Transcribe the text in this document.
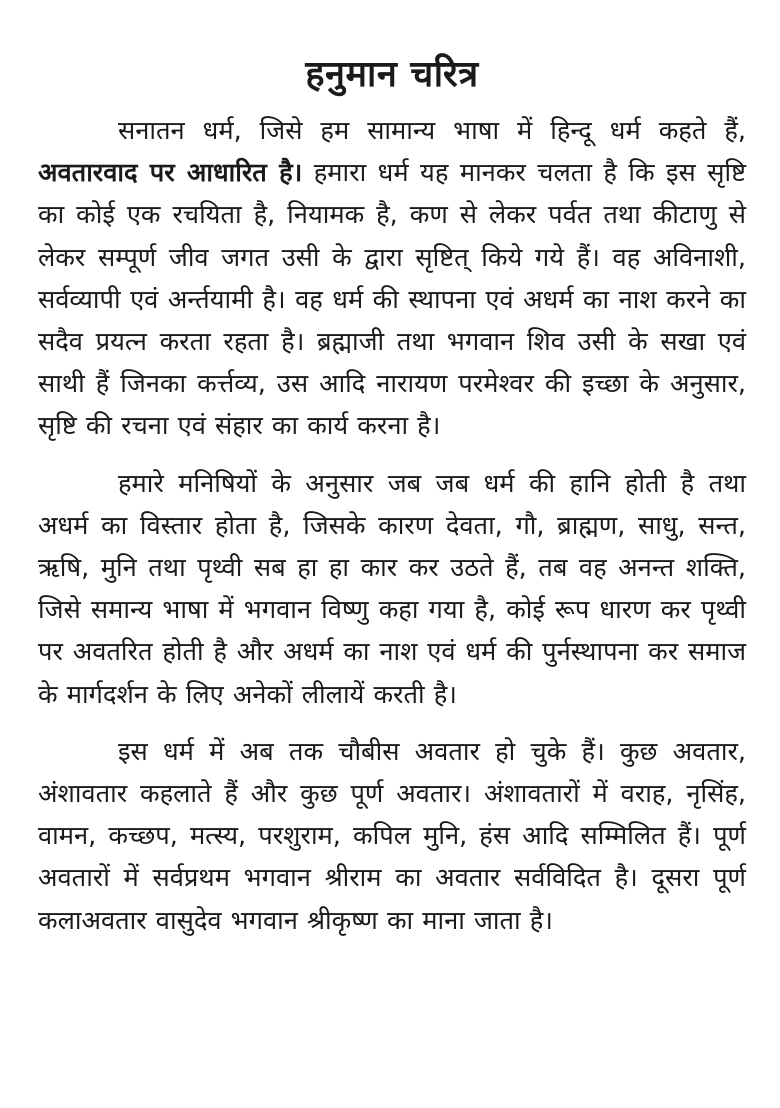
हनुमान चरित्र

सनातन धर्म, जिसे हम सामान्य भाषा में हिन्दू धर्म कहते हैं, अवतारवाद पर आधारित है। हमारा धर्म यह मानकर चलता है कि इस सृष्टि का कोई एक रचयिता है, नियामक है, कण से लेकर पर्वत तथा कीटाणु से लेकर सम्पूर्ण जीव जगत उसी के द्वारा सृष्टित् किये गये हैं। वह अविनाशी, सर्वव्यापी एवं अर्न्तयामी है। वह धर्म की स्थापना एवं अधर्म का नाश करने का सदैव प्रयत्न करता रहता है। ब्रह्माजी तथा भगवान शिव उसी के सखा एवं साथी हैं जिनका कर्त्तव्य, उस आदि नारायण परमेश्वर की इच्छा के अनुसार, सृष्टि की रचना एवं संहार का कार्य करना है।

हमारे मनिषियों के अनुसार जब जब धर्म की हानि होती है तथा अधर्म का विस्तार होता है, जिसके कारण देवता, गौ, ब्राह्मण, साधु, सन्त, ऋषि, मुनि तथा पृथ्वी सब हा हा कार कर उठते हैं, तब वह अनन्त शक्ति, जिसे समान्य भाषा में भगवान विष्णु कहा गया है, कोई रूप धारण कर पृथ्वी पर अवतरित होती है और अधर्म का नाश एवं धर्म की पुर्नस्थापना कर समाज के मार्गदर्शन के लिए अनेकों लीलायें करती है।

इस धर्म में अब तक चौबीस अवतार हो चुके हैं। कुछ अवतार, अंशावतार कहलाते हैं और कुछ पूर्ण अवतार। अंशावतारों में वराह, नृसिंह, वामन, कच्छप, मत्स्य, परशुराम, कपिल मुनि, हंस आदि सम्मिलित हैं। पूर्ण अवतारों में सर्वप्रथम भगवान श्रीराम का अवतार सर्वविदित है। दूसरा पूर्ण कलाअवतार वासुदेव भगवान श्रीकृष्ण का माना जाता है।
